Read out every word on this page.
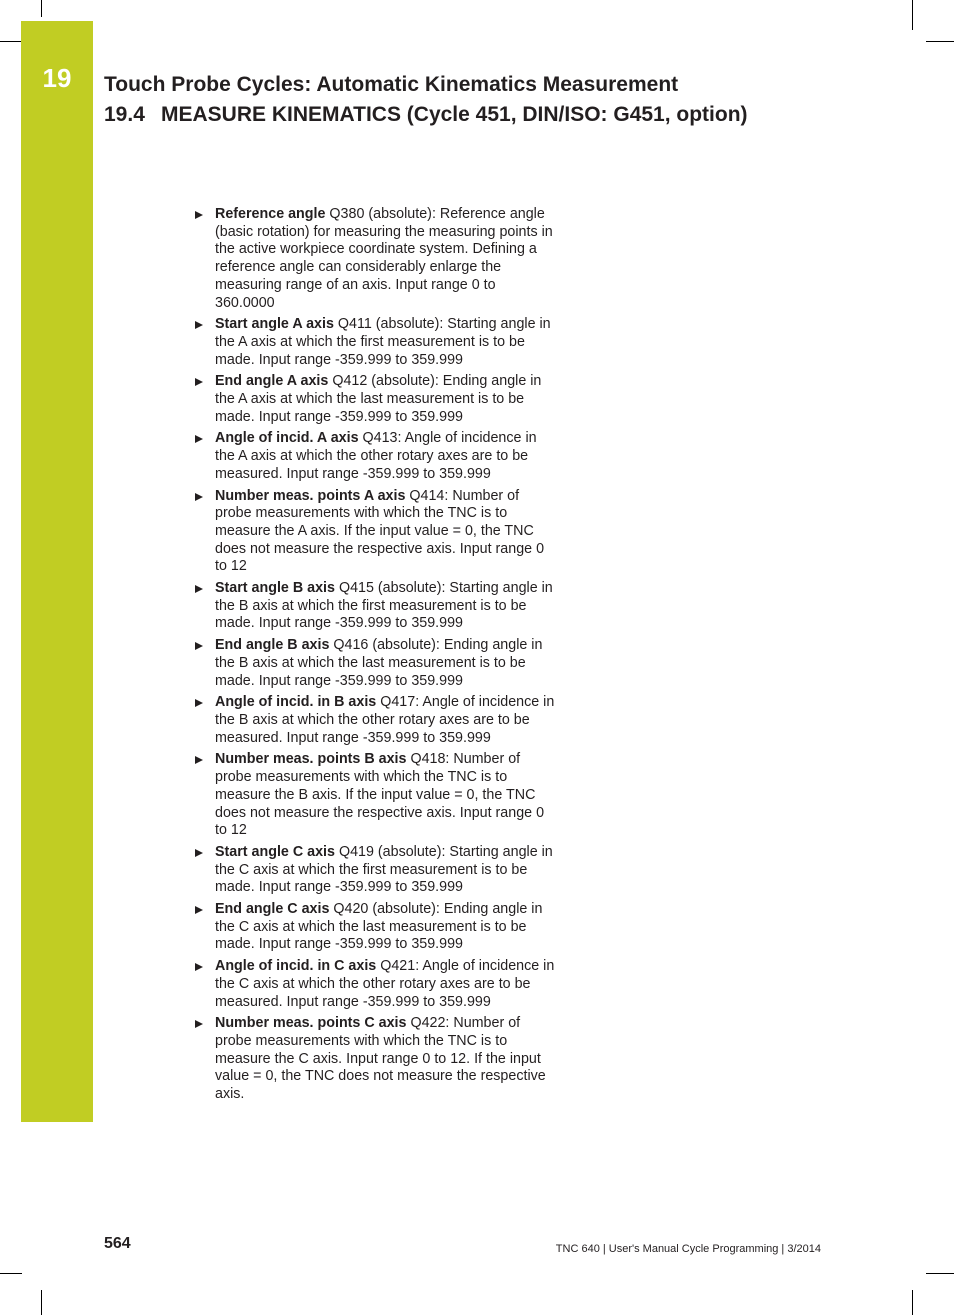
19	Touch Probe Cycles: Automatic Kinematics Measurement
19.4 MEASURE KINEMATICS (Cycle 451, DIN/ISO: G451, option)
Reference angle Q380 (absolute): Reference angle (basic rotation) for measuring the measuring points in the active workpiece coordinate system. Defining a reference angle can considerably enlarge the measuring range of an axis. Input range 0 to 360.0000
Start angle A axis Q411 (absolute): Starting angle in the A axis at which the first measurement is to be made. Input range -359.999 to 359.999
End angle A axis Q412 (absolute): Ending angle in the A axis at which the last measurement is to be made. Input range -359.999 to 359.999
Angle of incid. A axis Q413: Angle of incidence in the A axis at which the other rotary axes are to be measured. Input range -359.999 to 359.999
Number meas. points A axis Q414: Number of probe measurements with which the TNC is to measure the A axis. If the input value = 0, the TNC does not measure the respective axis. Input range 0 to 12
Start angle B axis Q415 (absolute): Starting angle in the B axis at which the first measurement is to be made. Input range -359.999 to 359.999
End angle B axis Q416 (absolute): Ending angle in the B axis at which the last measurement is to be made. Input range -359.999 to 359.999
Angle of incid. in B axis Q417: Angle of incidence in the B axis at which the other rotary axes are to be measured. Input range -359.999 to 359.999
Number meas. points B axis Q418: Number of probe measurements with which the TNC is to measure the B axis. If the input value = 0, the TNC does not measure the respective axis. Input range 0 to 12
Start angle C axis Q419 (absolute): Starting angle in the C axis at which the first measurement is to be made. Input range -359.999 to 359.999
End angle C axis Q420 (absolute): Ending angle in the C axis at which the last measurement is to be made. Input range -359.999 to 359.999
Angle of incid. in C axis Q421: Angle of incidence in the C axis at which the other rotary axes are to be measured. Input range -359.999 to 359.999
Number meas. points C axis Q422: Number of probe measurements with which the TNC is to measure the C axis. Input range 0 to 12. If the input value = 0, the TNC does not measure the respective axis.
564	TNC 640 | User's Manual Cycle Programming | 3/2014
